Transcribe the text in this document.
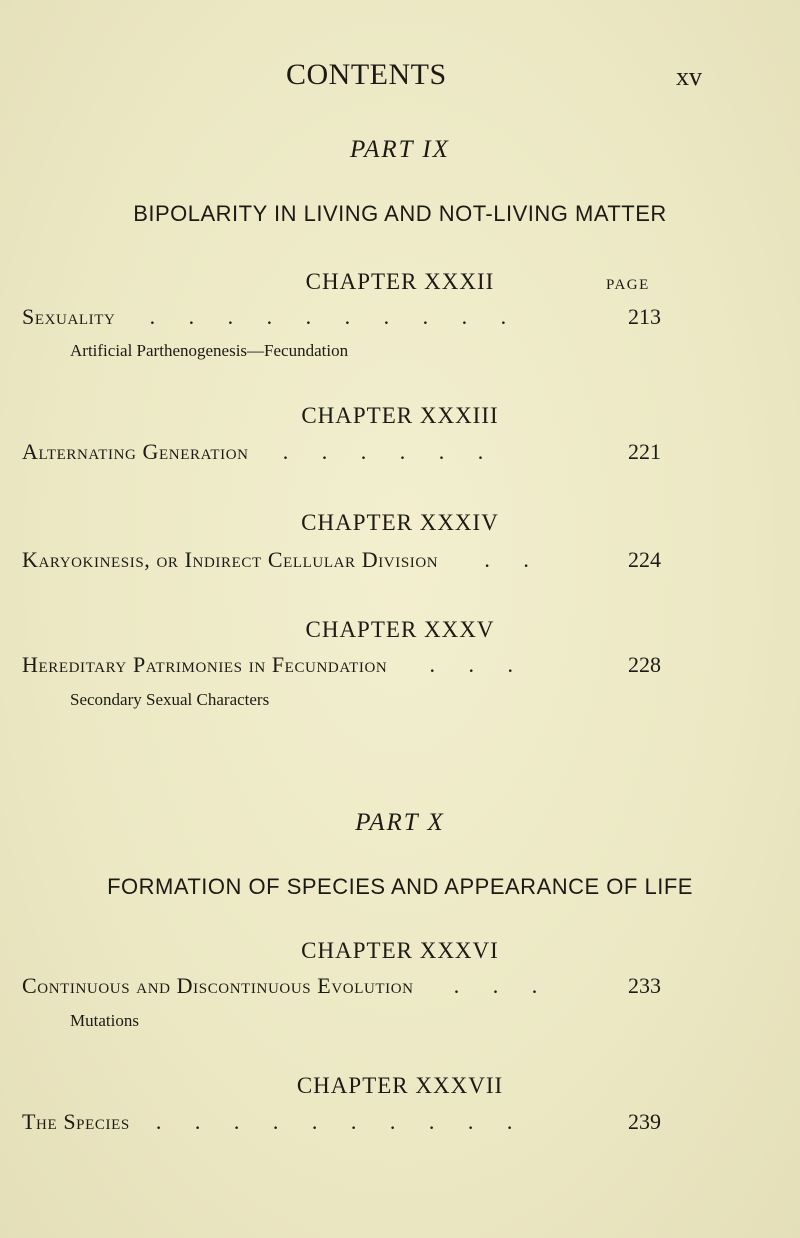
CONTENTS	xv
PART IX
BIPOLARITY IN LIVING AND NOT-LIVING MATTER
CHAPTER XXXII	PAGE
Sexuality . . . . . . . . . .	213
Artificial Parthenogenesis—Fecundation
CHAPTER XXXIII
Alternating Generation . . . . . .	221
CHAPTER XXXIV
Karyokinesis, or Indirect Cellular Division . .	224
CHAPTER XXXV
Hereditary Patrimonies in Fecundation . . .	228
Secondary Sexual Characters
PART X
FORMATION OF SPECIES AND APPEARANCE OF LIFE
CHAPTER XXXVI
Continuous and Discontinuous Evolution . . .	233
Mutations
CHAPTER XXXVII
The Species . . . . . . . . . .	239
